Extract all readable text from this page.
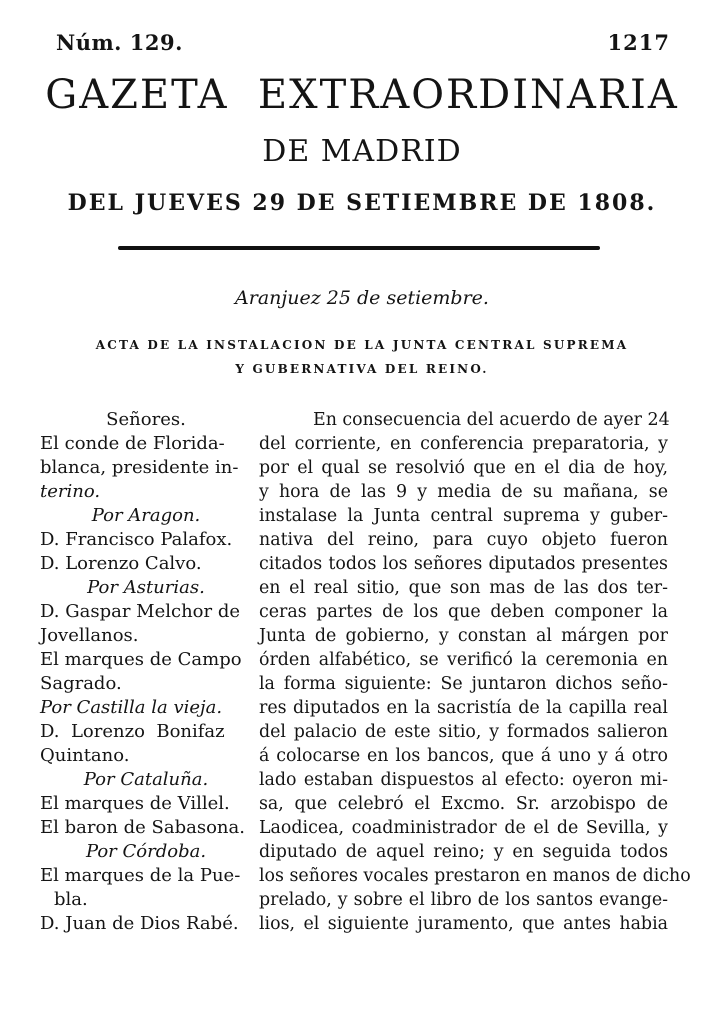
Núm. 129.	1217
GAZETA  EXTRAORDINARIA
DE MADRID
DEL JUEVES 29 DE SETIEMBRE DE 1808.
Aranjuez 25 de setiembre.
ACTA DE LA INSTALACION DE LA JUNTA CENTRAL SUPREMA
Y GUBERNATIVA DEL REINO.
Señores.
El conde de Florida-
blanca, presidente in-
terino.
Por Aragon.
D. Francisco Palafox.
D. Lorenzo Calvo.
Por Asturias.
D. Gaspar Melchor de
Jovellanos.
El marques de Campo
Sagrado.
Por Castilla la vieja.
D.  Lorenzo  Bonifaz
Quintano.
Por Cataluña.
El marques de Villel.
El baron de Sabasona.
Por Córdoba.
El marques de la Pue-
bla.
D. Juan de Dios Rabé.
En consecuencia del acuerdo de ayer 24
del corriente, en conferencia preparatoria, y
por el qual se resolvió que en el dia de hoy,
y hora de las 9 y media de su mañana, se
instalase la Junta central suprema y guber-
nativa del reino, para cuyo objeto fueron
citados todos los señores diputados presentes
en el real sitio, que son mas de las dos ter-
ceras partes de los que deben componer la
Junta de gobierno, y constan al márgen por
órden alfabético, se verificó la ceremonia en
la forma siguiente: Se juntaron dichos seño-
res diputados en la sacristía de la capilla real
del palacio de este sitio, y formados salieron
á colocarse en los bancos, que á uno y á otro
lado estaban dispuestos al efecto: oyeron mi-
sa, que celebró el Excmo. Sr. arzobispo de
Laodicea, coadministrador de el de Sevilla, y
diputado de aquel reino; y en seguida todos
los señores vocales prestaron en manos de dicho
prelado, y sobre el libro de los santos evange-
lios, el siguiente juramento, que antes habia
